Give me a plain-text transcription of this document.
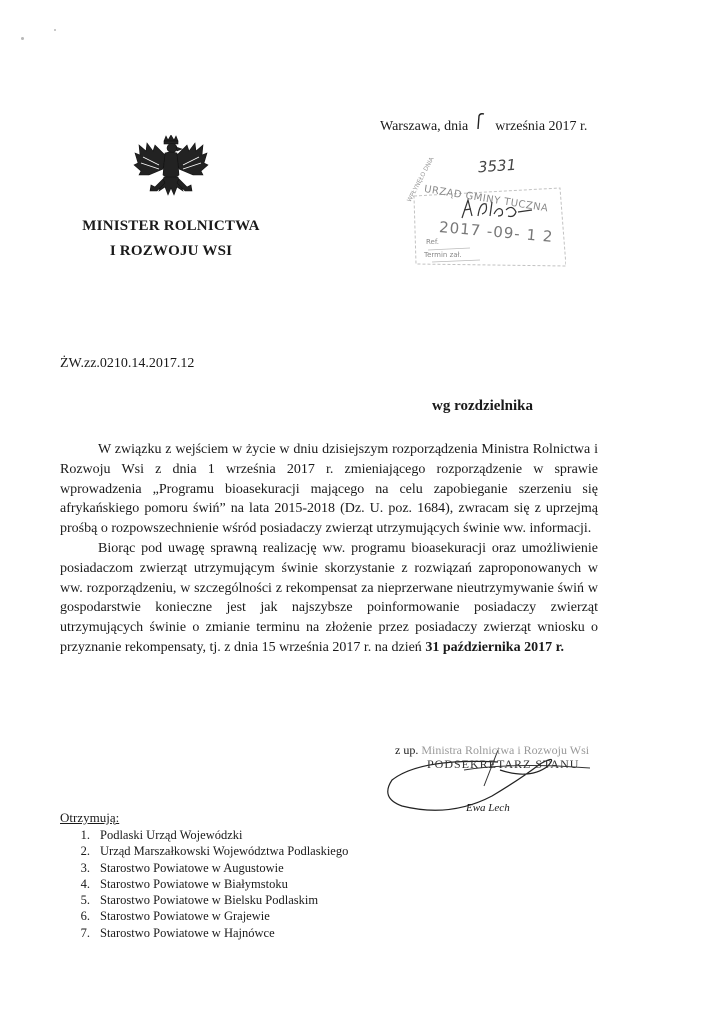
Warszawa, dnia września 2017 r.
MINISTER ROLNICTWA
I ROZWOJU WSI
3531
URZĄD GMINY TUCZNA
2017 -09- 1 2
WPŁYNĘŁO DNIA
Ref.
Termin zał.
ŻW.zz.0210.14.2017.12
wg rozdzielnika

W związku z wejściem w życie w dniu dzisiejszym rozporządzenia Ministra Rolnictwa i Rozwoju Wsi z dnia 1 września 2017 r. zmieniającego rozporządzenie w sprawie wprowadzenia „Programu bioasekuracji mającego na celu zapobieganie szerzeniu się afrykańskiego pomoru świń” na lata 2015-2018 (Dz. U. poz. 1684), zwracam się z uprzejmą prośbą o rozpowszechnienie wśród posiadaczy zwierząt utrzymujących świnie ww. informacji.

Biorąc pod uwagę sprawną realizację ww. programu bioasekuracji oraz umożliwienie posiadaczom zwierząt utrzymującym świnie skorzystanie z rozwiązań zaproponowanych w ww. rozporządzeniu, w szczególności z rekompensat za nieprzerwane nieutrzymywanie świń w gospodarstwie konieczne jest jak najszybsze poinformowanie posiadaczy zwierząt utrzymujących świnie o zmianie terminu na złożenie przez posiadaczy zwierząt wniosku o przyznanie rekompensaty, tj. z dnia 15 września 2017 r. na dzień 31 października 2017 r.

z up. Ministra Rolnictwa i Rozwoju Wsi
PODSEKRETARZ STANU
Ewa Lech
Otrzymują:
1. Podlaski Urząd Wojewódzki
2. Urząd Marszałkowski Województwa Podlaskiego
3. Starostwo Powiatowe w Augustowie
4. Starostwo Powiatowe w Białymstoku
5. Starostwo Powiatowe w Bielsku Podlaskim
6. Starostwo Powiatowe w Grajewie
7. Starostwo Powiatowe w Hajnówce
